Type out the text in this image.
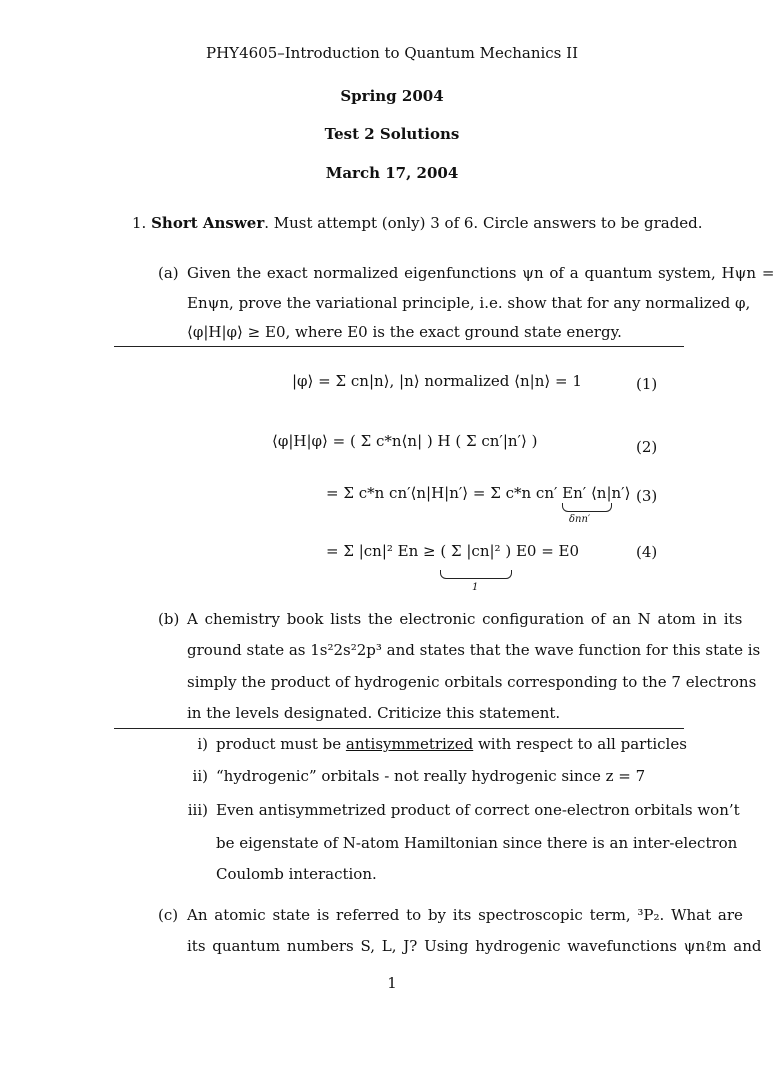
PHY4605–Introduction to Quantum Mechanics II
Spring 2004
Test 2 Solutions
March 17, 2004
1. Short Answer. Must attempt (only) 3 of 6. Circle answers to be graded.
(a) Given the exact normalized eigenfunctions ψn of a quantum system, Hψn =
Enψn, prove the variational principle, i.e. show that for any normalized φ,
⟨φ|H|φ⟩ ≥ E0, where E0 is the exact ground state energy.
|φ⟩ = Σ cn|n⟩, |n⟩ normalized ⟨n|n⟩ = 1	(1)
⟨φ|H|φ⟩ = ( Σ c*n⟨n| ) H ( Σ cn′|n′⟩ )	(2)
= Σ c*n cn′⟨n|H|n′⟩ = Σ c*n cn′ En′ ⟨n|n′⟩
δnn′
(3)
= Σ |cn|² En ≥ ( Σ |cn|² ) E0 = E0
1
(4)
(b) A chemistry book lists the electronic configuration of an N atom in its
ground state as 1s²2s²2p³ and states that the wave function for this state is
simply the product of hydrogenic orbitals corresponding to the 7 electrons
in the levels designated. Criticize this statement.
i) product must be antisymmetrized with respect to all particles
ii) “hydrogenic” orbitals - not really hydrogenic since z = 7
iii) Even antisymmetrized product of correct one-electron orbitals won’t
be eigenstate of N-atom Hamiltonian since there is an inter-electron
Coulomb interaction.
(c) An atomic state is referred to by its spectroscopic term, ³P₂. What are
its quantum numbers S, L, J? Using hydrogenic wavefunctions ψnℓm and
1
